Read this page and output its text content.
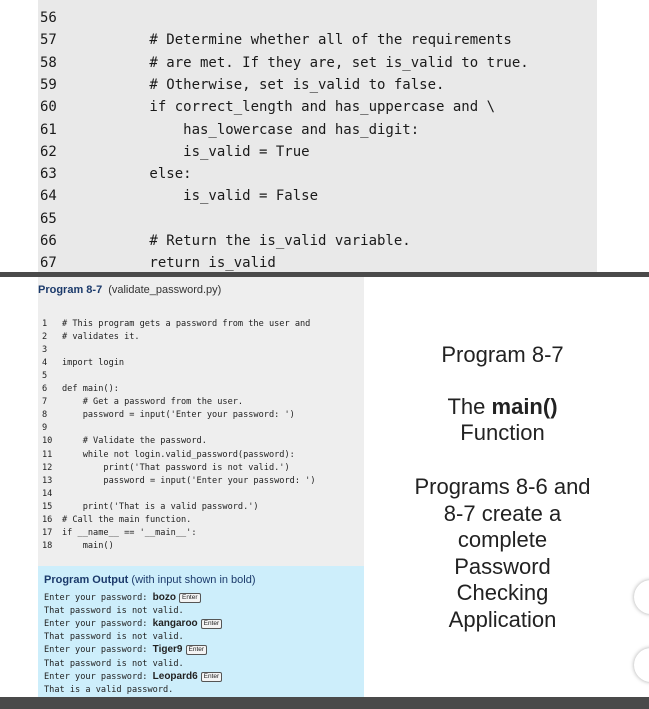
56
57        # Determine whether all of the requirements
58        # are met. If they are, set is_valid to true.
59        # Otherwise, set is_valid to false.
60        if correct_length and has_uppercase and \
61            has_lowercase and has_digit:
62            is_valid = True
63        else:
64            is_valid = False
65
66        # Return the is_valid variable.
67        return is_valid
Program 8-7 (validate_password.py)
1 # This program gets a password from the user and
2 # validates it.
3
4 import login
5
6 def main():
7    # Get a password from the user.
8    password = input('Enter your password: ')
9
10    # Validate the password.
11    while not login.valid_password(password):
12        print('That password is not valid.')
13        password = input('Enter your password: ')
14
15    print('That is a valid password.')
16 # Call the main function.
17 if __name__ == '__main__':
18    main()
Program Output (with input shown in bold)
Enter your password: bozo Enter
That password is not valid.
Enter your password: kangaroo Enter
That password is not valid.
Enter your password: Tiger9 Enter
That password is not valid.
Enter your password: Leopard6 Enter
That is a valid password.
Program 8-7
The main()
Function
Programs 8-6 and
8-7 create a
complete
Password
Checking
Application
